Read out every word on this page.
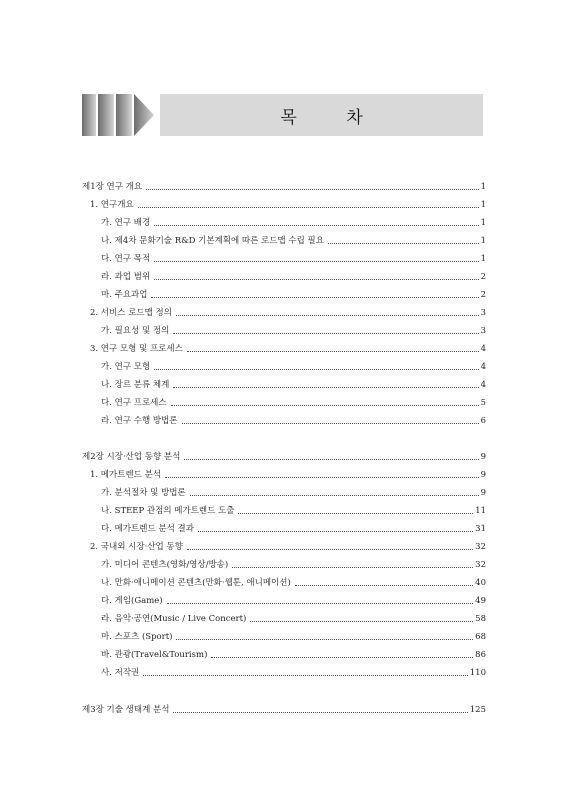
목 차
제1장 연구 개요	1
1. 연구개요	1
가. 연구 배경	1
나. 제4차 문화기술 R&D 기본계획에 따른 로드맵 수립 필요	1
다. 연구 목적	1
라. 과업 범위	2
마. 주요과업	2
2. 서비스 로드맵 정의	3
가. 필요성 및 정의	3
3. 연구 모형 및 프로세스	4
가. 연구 모형	4
나. 장르 분류 체계	4
다. 연구 프로세스	5
라. 연구 수행 방법론	6
제2장 시장·산업 동향 분석	9
1. 메가트렌드 분석	9
가. 분석절차 및 방법론	9
나. STEEP 관점의 메가트렌드 도출	11
다. 메가트렌드 분석 결과	31
2. 국내외 시장·산업 동향	32
가. 미디어 콘텐츠(영화/영상/방송)	32
나. 만화·애니메이션 콘텐츠(만화·웹툰, 애니메이션)	40
다. 게임(Game)	49
라. 음악·공연(Music / Live Concert)	58
마. 스포츠 (Sport)	68
바. 관광(Travel&Tourism)	86
사. 저작권	110
제3장 기술 생태계 분석	125
